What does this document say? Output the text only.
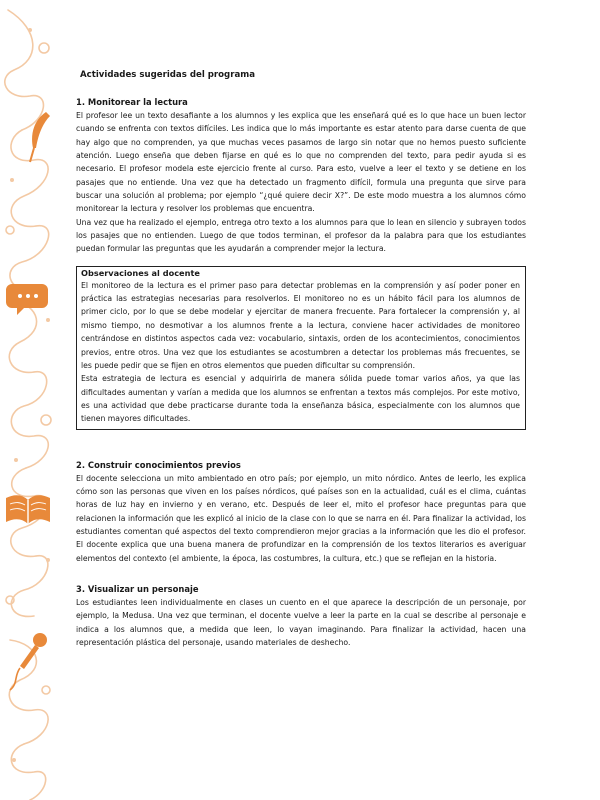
Actividades sugeridas del programa
1. Monitorear la lectura

El profesor lee un texto desafiante a los alumnos y les explica que les enseñará qué es lo que hace un buen lector cuando se enfrenta con textos difíciles. Les indica que lo más importante es estar atento para darse cuenta de que hay algo que no comprenden, ya que muchas veces pasamos de largo sin notar que no hemos puesto suficiente atención. Luego enseña que deben fijarse en qué es lo que no comprenden del texto, para pedir ayuda si es necesario. El profesor modela este ejercicio frente al curso. Para esto, vuelve a leer el texto y se detiene en los pasajes que no entiende. Una vez que ha detectado un fragmento difícil, formula una pregunta que sirve para buscar una solución al problema; por ejemplo “¿qué quiere decir X?”. De este modo muestra a los alumnos cómo monitorear la lectura y resolver los problemas que encuentra.

Una vez que ha realizado el ejemplo, entrega otro texto a los alumnos para que lo lean en silencio y subrayen todos los pasajes que no entienden. Luego de que todos terminan, el profesor da la palabra para que los estudiantes puedan formular las preguntas que les ayudarán a comprender mejor la lectura.

Observaciones al docente

El monitoreo de la lectura es el primer paso para detectar problemas en la comprensión y así poder poner en práctica las estrategias necesarias para resolverlos. El monitoreo no es un hábito fácil para los alumnos de primer ciclo, por lo que se debe modelar y ejercitar de manera frecuente. Para fortalecer la comprensión y, al mismo tiempo, no desmotivar a los alumnos frente a la lectura, conviene hacer actividades de monitoreo centrándose en distintos aspectos cada vez: vocabulario, sintaxis, orden de los acontecimientos, conocimientos previos, entre otros. Una vez que los estudiantes se acostumbren a detectar los problemas más frecuentes, se les puede pedir que se fijen en otros elementos que pueden dificultar su comprensión.

Esta estrategia de lectura es esencial y adquirirla de manera sólida puede tomar varios años, ya que las dificultades aumentan y varían a medida que los alumnos se enfrentan a textos más complejos. Por este motivo, es una actividad que debe practicarse durante toda la enseñanza básica, especialmente con los alumnos que tienen mayores dificultades.

2. Construir conocimientos previos

El docente selecciona un mito ambientado en otro país; por ejemplo, un mito nórdico. Antes de leerlo, les explica cómo son las personas que viven en los países nórdicos, qué países son en la actualidad, cuál es el clima, cuántas horas de luz hay en invierno y en verano, etc. Después de leer el, mito el profesor hace preguntas para que relacionen la información que les explicó al inicio de la clase con lo que se narra en él. Para finalizar la actividad, los estudiantes comentan qué aspectos del texto comprendieron mejor gracias a la información que les dio el profesor. El docente explica que una buena manera de profundizar en la comprensión de los textos literarios es averiguar elementos del contexto (el ambiente, la época, las costumbres, la cultura, etc.) que se reflejan en la historia.

3. Visualizar un personaje

Los estudiantes leen individualmente en clases un cuento en el que aparece la descripción de un personaje, por ejemplo, la Medusa. Una vez que terminan, el docente vuelve a leer la parte en la cual se describe al personaje e indica a los alumnos que, a medida que leen, lo vayan imaginando. Para finalizar la actividad, hacen una representación plástica del personaje, usando materiales de deshecho.
